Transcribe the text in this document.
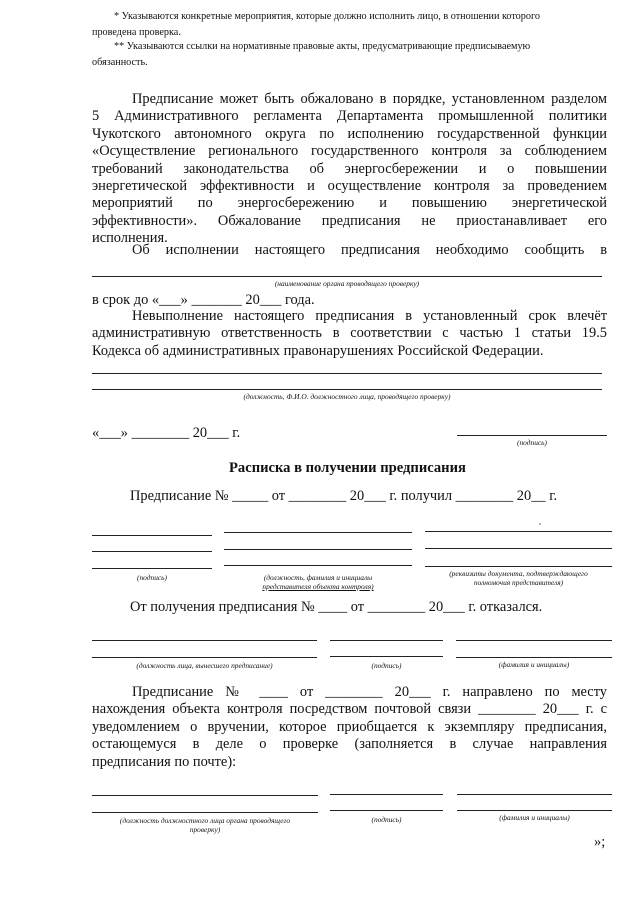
* Указываются конкретные мероприятия, которые должно исполнить лицо, в отношении которого
проведена проверка.
** Указываются ссылки на нормативные правовые акты, предусматривающие предписываемую
обязанность.
Предписание может быть обжаловано в порядке, установленном разделом
5 Административного регламента Департамента промышленной политики
Чукотского автономного округа по исполнению государственной функции
«Осуществление регионального государственного контроля за соблюдением
требований законодательства об энергосбережении и о повышении
энергетической эффективности и осуществление контроля за проведением
мероприятий по энергосбережению и повышению энергетической
эффективности». Обжалование предписания не приостанавливает его
исполнения.
Об исполнении настоящего предписания необходимо сообщить в
(наименование органа проводящего проверку)
в срок до «___» _______ 20___ года.
Невыполнение настоящего предписания в установленный срок влечёт
административную ответственность в соответствии с частью 1 статьи 19.5
Кодекса об административных правонарушениях Российской Федерации.
(должность, Ф.И.О. должностного лица, проводящего проверку)
«___» ________ 20___ г.
(подпись)
Расписка в получении предписания
Предписание № _____ от ________ 20___ г. получил ________ 20__ г.
(подпись)	(должность, фамилия и инициалы
представителя объекта контроля)
(реквизиты документа, подтверждающего
полномочия представителя)
От получения предписания № ____ от ________ 20___ г. отказался.
(должность лица, вынесшего предписание)	(подпись)	(фамилия и инициалы)
Предписание № ____ от ________ 20___ г. направлено по месту
нахождения объекта контроля посредством почтовой связи ________ 20___ г. с
уведомлением о вручении, которое приобщается к экземпляру предписания,
остающемуся в деле о проверке (заполняется в случае направления
предписания по почте):
(должность должностного лица органа проводящего
проверку)
(подпись)	(фамилия и инициалы)
»;
